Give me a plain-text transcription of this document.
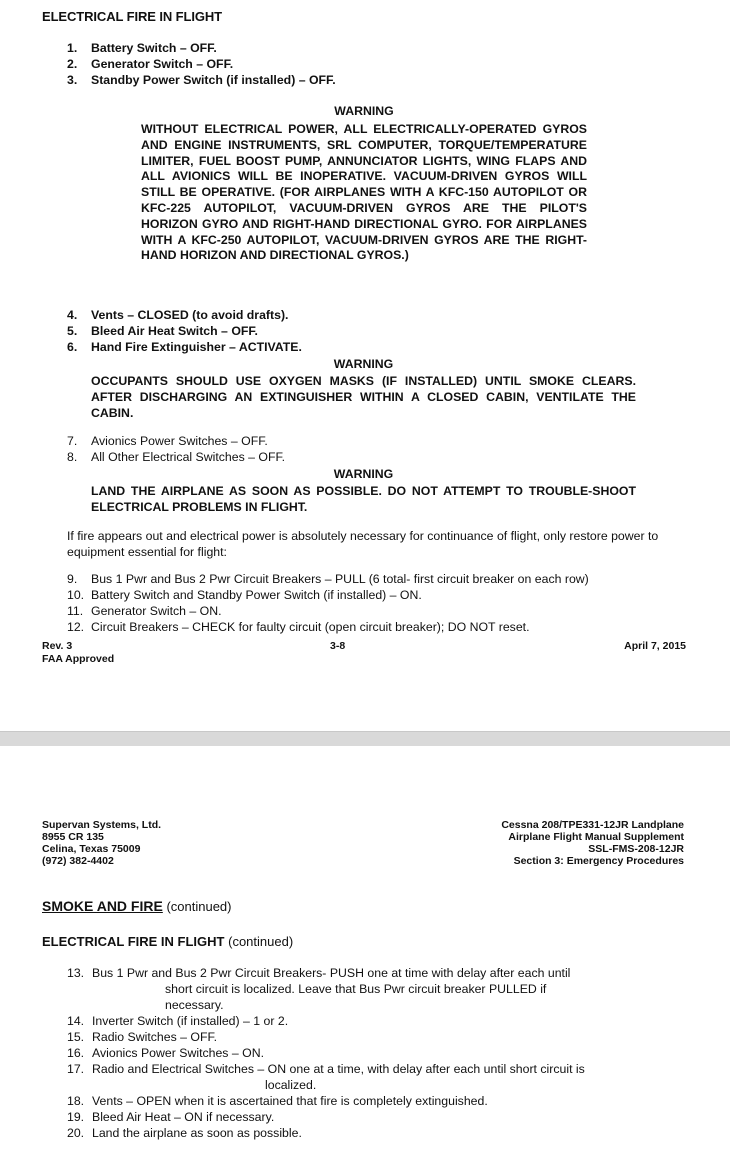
ELECTRICAL FIRE IN FLIGHT
1.	Battery Switch – OFF.
2.	Generator Switch – OFF.
3.	Standby Power Switch (if installed) – OFF.
WARNING

WITHOUT ELECTRICAL POWER, ALL ELECTRICALLY-OPERATED GYROS AND ENGINE INSTRUMENTS, SRL COMPUTER, TORQUE/TEMPERATURE LIMITER, FUEL BOOST PUMP, ANNUNCIATOR LIGHTS, WING FLAPS AND ALL AVIONICS WILL BE INOPERATIVE. VACUUM-DRIVEN GYROS WILL STILL BE OPERATIVE. (FOR AIRPLANES WITH A KFC-150 AUTOPILOT OR KFC-225 AUTOPILOT, VACUUM-DRIVEN GYROS ARE THE PILOT'S HORIZON GYRO AND RIGHT-HAND DIRECTIONAL GYRO. FOR AIRPLANES WITH A KFC-250 AUTOPILOT, VACUUM-DRIVEN GYROS ARE THE RIGHT-HAND HORIZON AND DIRECTIONAL GYROS.)

4.	Vents – CLOSED (to avoid drafts).
5.	Bleed Air Heat Switch – OFF.
6.	Hand Fire Extinguisher – ACTIVATE.
WARNING

OCCUPANTS SHOULD USE OXYGEN MASKS (IF INSTALLED) UNTIL SMOKE CLEARS. AFTER DISCHARGING AN EXTINGUISHER WITHIN A CLOSED CABIN, VENTILATE THE CABIN.

7.	Avionics Power Switches – OFF.
8.	All Other Electrical Switches – OFF.
WARNING

LAND THE AIRPLANE AS SOON AS POSSIBLE. DO NOT ATTEMPT TO TROUBLE-SHOOT ELECTRICAL PROBLEMS IN FLIGHT.

If fire appears out and electrical power is absolutely necessary for continuance of flight, only restore power to equipment essential for flight:

9.	Bus 1 Pwr and Bus 2 Pwr Circuit Breakers – PULL (6 total- first circuit breaker on each row)
10. Battery Switch and Standby Power Switch (if installed) – ON.
11. Generator Switch – ON.
12. Circuit Breakers – CHECK for faulty circuit (open circuit breaker); DO NOT reset.
Rev. 3
FAA Approved
3-8	April 7, 2015
Supervan Systems, Ltd.
8955 CR 135
Celina, Texas 75009
(972) 382-4402
Cessna 208/TPE331-12JR Landplane
Airplane Flight Manual Supplement
SSL-FMS-208-12JR
Section 3: Emergency Procedures
SMOKE AND FIRE (continued)
ELECTRICAL FIRE IN FLIGHT (continued)
13. Bus 1 Pwr and Bus 2 Pwr Circuit Breakers- PUSH one at time with delay after each until
short circuit is localized. Leave that Bus Pwr circuit breaker PULLED if
necessary.
14. Inverter Switch (if installed) – 1 or 2.
15. Radio Switches – OFF.
16. Avionics Power Switches – ON.
17. Radio and Electrical Switches – ON one at a time, with delay after each until short circuit is
localized.
18. Vents – OPEN when it is ascertained that fire is completely extinguished.
19. Bleed Air Heat – ON if necessary.
20. Land the airplane as soon as possible.
